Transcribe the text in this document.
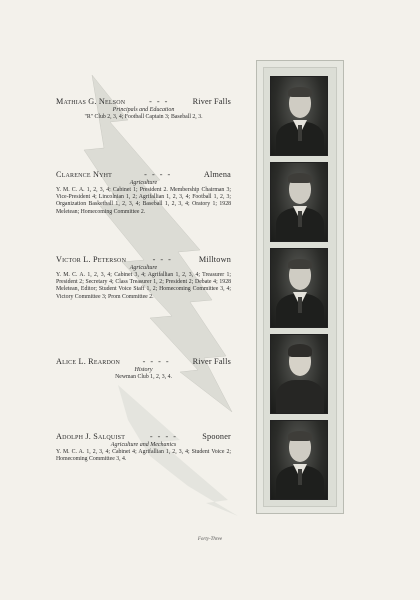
Mathias G. Nelson	- - -	River Falls
Principals and Education
"R" Club 2, 3, 4; Football Captain 3; Baseball 2, 3.
Clarence Nyht	- - - -	Almena
Agriculture
Y. M. C. A. 1, 2, 3, 4; Cabinet 1; President 2. Membership Chairman 3; Vice-President 4; Lincolnian 1, 2; Agrifallian 1, 2, 3, 4; Football 1, 2, 3; Organization Basketball 1, 2, 3, 4; Baseball 1, 2, 3, 4; Oratory 1; 1928 Meletean; Homecoming Committee 2.
Victor L. Peterson	- - -	Milltown
Agriculture
Y. M. C. A. 1, 2, 3, 4; Cabinet 3, 4; Agrifallian 1, 2, 3, 4; Treasurer 1; President 2; Secretary 4; Class Treasurer 1, 2; President 2; Debate 4; 1928 Meletean, Editor; Student Voice Staff 1, 2; Homecoming Committee 3, 4; Victory Committee 3; Prom Committee 2.
Alice L. Reardon	- - - -	River Falls
History
Newman Club 1, 2, 3, 4.
Adolph J. Salquist	- - - -	Spooner
Agriculture and Mechanics
Y. M. C. A. 1, 2, 3, 4; Cabinet 4; Agrifallian 1, 2, 3, 4; Student Voice 2; Homecoming Committee 3, 4.
Forty-Three
